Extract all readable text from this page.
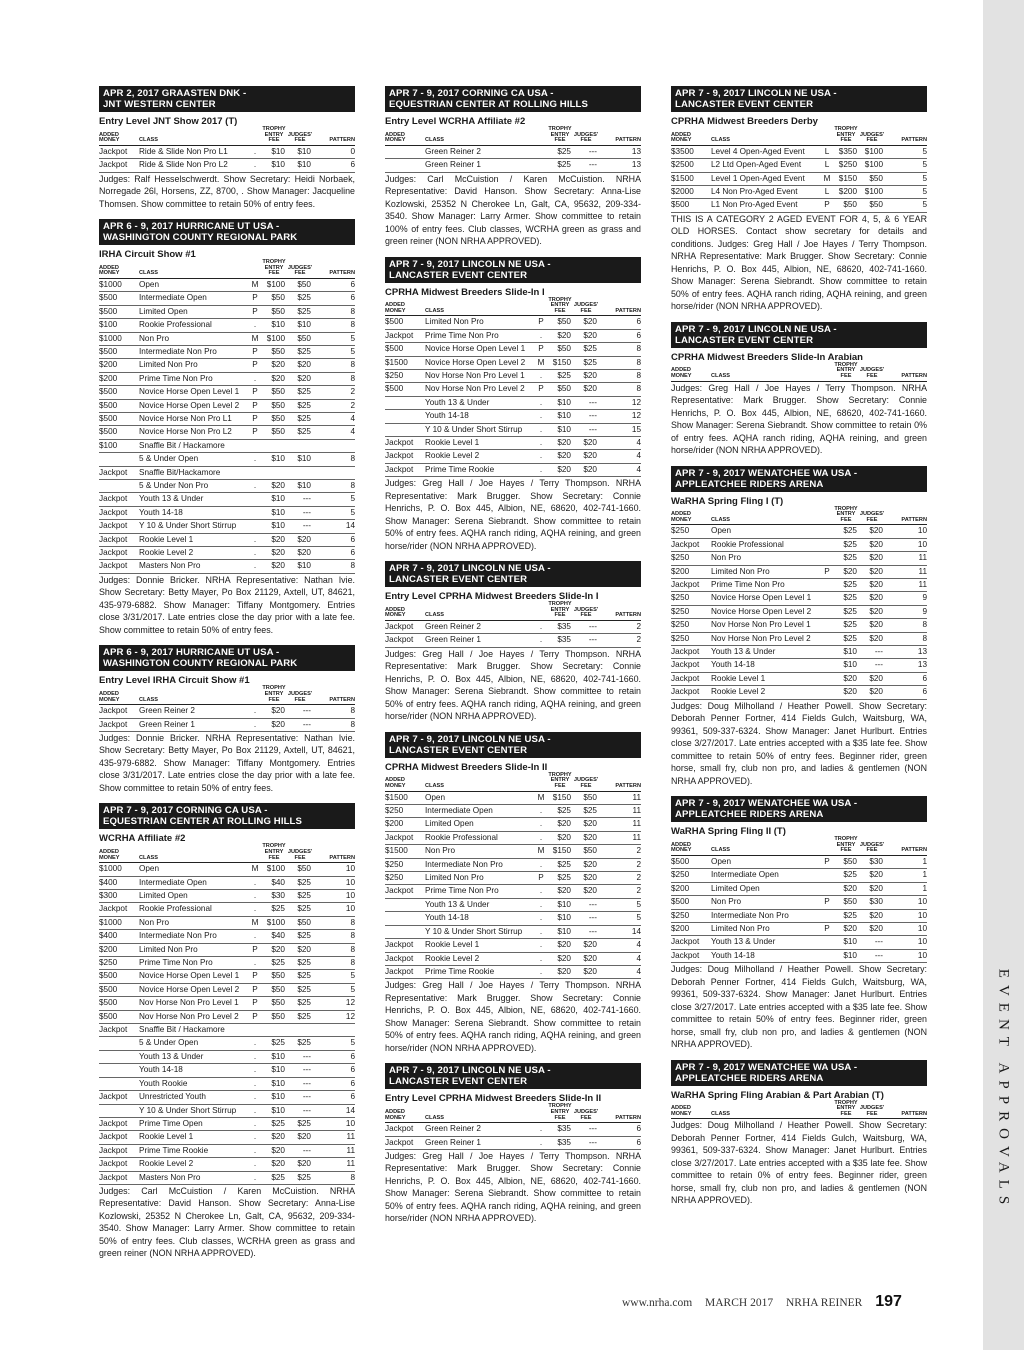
APR 2, 2017 GRAASTEN DNK -
JNT WESTERN CENTER
Entry Level JNT Show 2017 (T)
ADDED			TROPHY ENTRY	JUDGES'	
MONEY	CLASS		FEE	FEE	PATTERN
Jackpot	Ride & Slide Non Pro L1	.	$10	$10	0
Jackpot	Ride & Slide Non Pro L2	.	$10	$10	6
Judges: Ralf Hesselschwerdt. Show Secretary: Heidi Norbaek, Norregade 26l, Horsens, ZZ, 8700, . Show Manager: Jacqueline Thomsen. Show committee to retain 50% of entry fees.
APR 6 - 9, 2017 HURRICANE UT USA -
WASHINGTON COUNTY REGIONAL PARK
IRHA Circuit Show #1
ADDED			TROPHY ENTRY	JUDGES'	
MONEY	CLASS		FEE	FEE	PATTERN
$1000	Open	M	$100	$50	6
$500	Intermediate Open	P	$50	$25	6
$500	Limited Open	P	$50	$25	8
$100	Rookie Professional	.	$10	$10	8
$1000	Non Pro	M	$100	$50	5
$500	Intermediate Non Pro	P	$50	$25	5
$200	Limited Non Pro	P	$20	$20	8
$200	Prime Time Non Pro	.	$20	$20	8
$500	Novice Horse Open Level 1	P	$50	$25	2
$500	Novice Horse Open Level 2	P	$50	$25	2
$500	Novice Horse Non Pro L1	P	$50	$25	4
$500	Novice Horse Non Pro L2	P	$50	$25	4
$100	Snaffle Bit / Hackamore				
	5 & Under Open	.	$10	$10	8
Jackpot	Snaffle Bit/Hackamore				
	5 & Under Non Pro	.	$20	$10	8
Jackpot	Youth 13 & Under		$10	---	5
Jackpot	Youth 14-18		$10	---	5
Jackpot	Y 10 & Under Short Stirrup		$10	---	14
Jackpot	Rookie Level 1	.	$20	$20	6
Jackpot	Rookie Level 2	.	$20	$20	6
Jackpot	Masters Non Pro	.	$20	$10	8
Judges: Donnie Bricker. NRHA Representative: Nathan Ivie. Show Secretary: Betty Mayer, Po Box 21129, Axtell, UT, 84621, 435-979-6882. Show Manager: Tiffany Montgomery. Entries close 3/31/2017. Late entries close the day prior with a late fee. Show committee to retain 50% of entry fees.
APR 6 - 9, 2017 HURRICANE UT USA -
WASHINGTON COUNTY REGIONAL PARK
Entry Level IRHA Circuit Show #1
ADDED			TROPHY ENTRY	JUDGES'	
MONEY	CLASS		FEE	FEE	PATTERN
Jackpot	Green Reiner 2	.	$20	---	8
Jackpot	Green Reiner 1	.	$20	---	8
Judges: Donnie Bricker. NRHA Representative: Nathan Ivie. Show Secretary: Betty Mayer, Po Box 21129, Axtell, UT, 84621, 435-979-6882. Show Manager: Tiffany Montgomery. Entries close 3/31/2017. Late entries close the day prior with a late fee. Show committee to retain 50% of entry fees.
APR 7 - 9, 2017 CORNING CA USA -
EQUESTRIAN CENTER AT ROLLING HILLS
WCRHA Affiliate #2
ADDED			TROPHY ENTRY	JUDGES'	
MONEY	CLASS		FEE	FEE	PATTERN
$1000	Open	M	$100	$50	10
$400	Intermediate Open	.	$40	$25	10
$300	Limited Open	.	$30	$25	10
Jackpot	Rookie Professional	.	$25	$25	10
$1000	Non Pro	M	$100	$50	8
$400	Intermediate Non Pro	.	$40	$25	8
$200	Limited Non Pro	P	$20	$20	8
$250	Prime Time Non Pro	.	$25	$25	8
$500	Novice Horse Open Level 1	P	$50	$25	5
$500	Novice Horse Open Level 2	P	$50	$25	5
$500	Nov Horse Non Pro Level 1	P	$50	$25	12
$500	Nov Horse Non Pro Level 2	P	$50	$25	12
Jackpot	Snaffle Bit / Hackamore				
	5 & Under Open	.	$25	$25	5
	Youth 13 & Under	.	$10	---	6
	Youth 14-18	.	$10	---	6
	Youth Rookie	.	$10	---	6
Jackpot	Unrestricted Youth	.	$10	---	6
	Y 10 & Under Short Stirrup	.	$10	---	14
Jackpot	Prime Time Open	.	$25	$25	10
Jackpot	Rookie Level 1	.	$20	$20	11
Jackpot	Prime Time Rookie	.	$20	---	11
Jackpot	Rookie Level 2	.	$20	$20	11
Jackpot	Masters Non Pro	.	$25	$25	8
Judges: Carl McCuistion / Karen McCuistion. NRHA Representative: David Hanson. Show Secretary: Anna-Lise Kozlowski, 25352 N Cherokee Ln, Galt, CA, 95632, 209-334-3540. Show Manager: Larry Armer. Show committee to retain 50% of entry fees. Club classes, WCRHA green as grass and green reiner (NON NRHA APPROVED).
APR 7 - 9, 2017 CORNING CA USA -
EQUESTRIAN CENTER AT ROLLING HILLS
Entry Level WCRHA Affiliate #2
ADDED			TROPHY ENTRY	JUDGES'	
MONEY	CLASS		FEE	FEE	PATTERN
	Green Reiner 2		$25	---	13
	Green Reiner 1		$25	---	13
Judges: Carl McCuistion / Karen McCuistion. NRHA Representative: David Hanson. Show Secretary: Anna-Lise Kozlowski, 25352 N Cherokee Ln, Galt, CA, 95632, 209-334-3540. Show Manager: Larry Armer. Show committee to retain 100% of entry fees. Club classes, WCRHA green as grass and green reiner (NON NRHA APPROVED).
APR 7 - 9, 2017 LINCOLN NE USA -
LANCASTER EVENT CENTER
CPRHA Midwest Breeders Slide-In I
ADDED			TROPHY ENTRY	JUDGES'	
MONEY	CLASS		FEE	FEE	PATTERN
$500	Limited Non Pro	P	$50	$20	6
Jackpot	Prime Time Non Pro	.	$20	$20	6
$500	Novice Horse Open Level 1	P	$50	$25	8
$1500	Novice Horse Open Level 2	M	$150	$25	8
$250	Nov Horse Non Pro Level 1	.	$25	$20	8
$500	Nov Horse Non Pro Level 2	P	$50	$20	8
	Youth 13 & Under	.	$10	---	12
	Youth 14-18	.	$10	---	12
	Y 10 & Under Short Stirrup	.	$10	---	15
Jackpot	Rookie Level 1	.	$20	$20	4
Jackpot	Rookie Level 2	.	$20	$20	4
Jackpot	Prime Time Rookie	.	$20	$20	4
Judges: Greg Hall / Joe Hayes / Terry Thompson. NRHA Representative: Mark Brugger. Show Secretary: Connie Henrichs, P. O. Box 445, Albion, NE, 68620, 402-741-1660. Show Manager: Serena Siebrandt. Show committee to retain 50% of entry fees. AQHA ranch riding, AQHA reining, and green horse/rider (NON NRHA APPROVED).
APR 7 - 9, 2017 LINCOLN NE USA -
LANCASTER EVENT CENTER
Entry Level CPRHA Midwest Breeders Slide-In I
ADDED			TROPHY ENTRY	JUDGES'	
MONEY	CLASS		FEE	FEE	PATTERN
Jackpot	Green Reiner 2	.	$35	---	2
Jackpot	Green Reiner 1	.	$35	---	2
Judges: Greg Hall / Joe Hayes / Terry Thompson. NRHA Representative: Mark Brugger. Show Secretary: Connie Henrichs, P. O. Box 445, Albion, NE, 68620, 402-741-1660. Show Manager: Serena Siebrandt. Show committee to retain 50% of entry fees. AQHA ranch riding, AQHA reining, and green horse/rider (NON NRHA APPROVED).
APR 7 - 9, 2017 LINCOLN NE USA -
LANCASTER EVENT CENTER
CPRHA Midwest Breeders Slide-In II
ADDED			TROPHY ENTRY	JUDGES'	
MONEY	CLASS		FEE	FEE	PATTERN
$1500	Open	M	$150	$50	11
$250	Intermediate Open	.	$25	$25	11
$200	Limited Open	.	$20	$20	11
Jackpot	Rookie Professional	.	$20	$20	11
$1500	Non Pro	M	$150	$50	2
$250	Intermediate Non Pro	.	$25	$20	2
$250	Limited Non Pro	P	$25	$20	2
Jackpot	Prime Time Non Pro	.	$20	$20	2
	Youth 13 & Under	.	$10	---	5
	Youth 14-18	.	$10	---	5
	Y 10 & Under Short Stirrup	.	$10	---	14
Jackpot	Rookie Level 1	.	$20	$20	4
Jackpot	Rookie Level 2	.	$20	$20	4
Jackpot	Prime Time Rookie	.	$20	$20	4
Judges: Greg Hall / Joe Hayes / Terry Thompson. NRHA Representative: Mark Brugger. Show Secretary: Connie Henrichs, P. O. Box 445, Albion, NE, 68620, 402-741-1660. Show Manager: Serena Siebrandt. Show committee to retain 50% of entry fees. AQHA ranch riding, AQHA reining, and green horse/rider (NON NRHA APPROVED).
APR 7 - 9, 2017 LINCOLN NE USA -
LANCASTER EVENT CENTER
Entry Level CPRHA Midwest Breeders Slide-In II
ADDED			TROPHY ENTRY	JUDGES'	
MONEY	CLASS		FEE	FEE	PATTERN
Jackpot	Green Reiner 2	.	$35	---	6
Jackpot	Green Reiner 1	.	$35	---	6
Judges: Greg Hall / Joe Hayes / Terry Thompson. NRHA Representative: Mark Brugger. Show Secretary: Connie Henrichs, P. O. Box 445, Albion, NE, 68620, 402-741-1660. Show Manager: Serena Siebrandt. Show committee to retain 50% of entry fees. AQHA ranch riding, AQHA reining, and green horse/rider (NON NRHA APPROVED).
APR 7 - 9, 2017 LINCOLN NE USA -
LANCASTER EVENT CENTER
CPRHA Midwest Breeders Derby
ADDED			TROPHY ENTRY	JUDGES'	
MONEY	CLASS		FEE	FEE	PATTERN
$3500	Level 4 Open-Aged Event	L	$350	$100	5
$2500	L2 Ltd Open-Aged Event	L	$250	$100	5
$1500	Level 1 Open-Aged Event	M	$150	$50	5
$2000	L4 Non Pro-Aged Event	L	$200	$100	5
$500	L1 Non Pro-Aged Event	P	$50	$50	5
THIS IS A CATEGORY 2 AGED EVENT FOR 4, 5, & 6 YEAR OLD HORSES. Contact show secretary for details and conditions. Judges: Greg Hall / Joe Hayes / Terry Thompson. NRHA Representative: Mark Brugger. Show Secretary: Connie Henrichs, P. O. Box 445, Albion, NE, 68620, 402-741-1660. Show Manager: Serena Siebrandt. Show committee to retain 50% of entry fees. AQHA ranch riding, AQHA reining, and green horse/rider (NON NRHA APPROVED).
APR 7 - 9, 2017 LINCOLN NE USA -
LANCASTER EVENT CENTER
CPRHA Midwest Breeders Slide-In Arabian
ADDED			TROPHY ENTRY	JUDGES'	
MONEY	CLASS		FEE	FEE	PATTERN
Judges: Greg Hall / Joe Hayes / Terry Thompson. NRHA Representative: Mark Brugger. Show Secretary: Connie Henrichs, P. O. Box 445, Albion, NE, 68620, 402-741-1660. Show Manager: Serena Siebrandt. Show committee to retain 0% of entry fees. AQHA ranch riding, AQHA reining, and green horse/rider (NON NRHA APPROVED).
APR 7 - 9, 2017 WENATCHEE WA USA -
APPLEATCHEE RIDERS ARENA
WaRHA Spring Fling I (T)
ADDED			TROPHY ENTRY	JUDGES'	
MONEY	CLASS		FEE	FEE	PATTERN
$250	Open		$25	$20	10
Jackpot	Rookie Professional		$25	$20	10
$250	Non Pro		$25	$20	11
$200	Limited Non Pro	P	$20	$20	11
Jackpot	Prime Time Non Pro		$25	$20	11
$250	Novice Horse Open Level 1		$25	$20	9
$250	Novice Horse Open Level 2		$25	$20	9
$250	Nov Horse Non Pro Level 1		$25	$20	8
$250	Nov Horse Non Pro Level 2		$25	$20	8
Jackpot	Youth 13 & Under		$10	---	13
Jackpot	Youth 14-18		$10	---	13
Jackpot	Rookie Level 1		$20	$20	6
Jackpot	Rookie Level 2		$20	$20	6
Judges: Doug Milholland / Heather Powell. Show Secretary: Deborah Penner Fortner, 414 Fields Gulch, Waitsburg, WA, 99361, 509-337-6324. Show Manager: Janet Hurlburt. Entries close 3/27/2017. Late entries accepted with a $35 late fee. Show committee to retain 50% of entry fees. Beginner rider, green horse, small fry, club non pro, and ladies & gentlemen (NON NRHA APPROVED).
APR 7 - 9, 2017 WENATCHEE WA USA -
APPLEATCHEE RIDERS ARENA
WaRHA Spring Fling II (T)
ADDED			TROPHY ENTRY	JUDGES'	
MONEY	CLASS		FEE	FEE	PATTERN
$500	Open	P	$50	$30	1
$250	Intermediate Open		$25	$20	1
$200	Limited Open		$20	$20	1
$500	Non Pro	P	$50	$30	10
$250	Intermediate Non Pro		$25	$20	10
$200	Limited Non Pro	P	$20	$20	10
Jackpot	Youth 13 & Under		$10	---	10
Jackpot	Youth 14-18		$10	---	10
Judges: Doug Milholland / Heather Powell. Show Secretary: Deborah Penner Fortner, 414 Fields Gulch, Waitsburg, WA, 99361, 509-337-6324. Show Manager: Janet Hurlburt. Entries close 3/27/2017. Late entries accepted with a $35 late fee. Show committee to retain 50% of entry fees. Beginner rider, green horse, small fry, club non pro, and ladies & gentlemen (NON NRHA APPROVED).
APR 7 - 9, 2017 WENATCHEE WA USA -
APPLEATCHEE RIDERS ARENA
WaRHA Spring Fling Arabian & Part Arabian (T)
ADDED			TROPHY ENTRY	JUDGES'	
MONEY	CLASS		FEE	FEE	PATTERN
Judges: Doug Milholland / Heather Powell. Show Secretary: Deborah Penner Fortner, 414 Fields Gulch, Waitsburg, WA, 99361, 509-337-6324. Show Manager: Janet Hurlburt. Entries close 3/27/2017. Late entries accepted with a $35 late fee. Show committee to retain 0% of entry fees. Beginner rider, green horse, small fry, club non pro, and ladies & gentlemen (NON NRHA APPROVED).	EVENT APPROVALS
www.nrha.com MARCH 2017 NRHA REINER 197
